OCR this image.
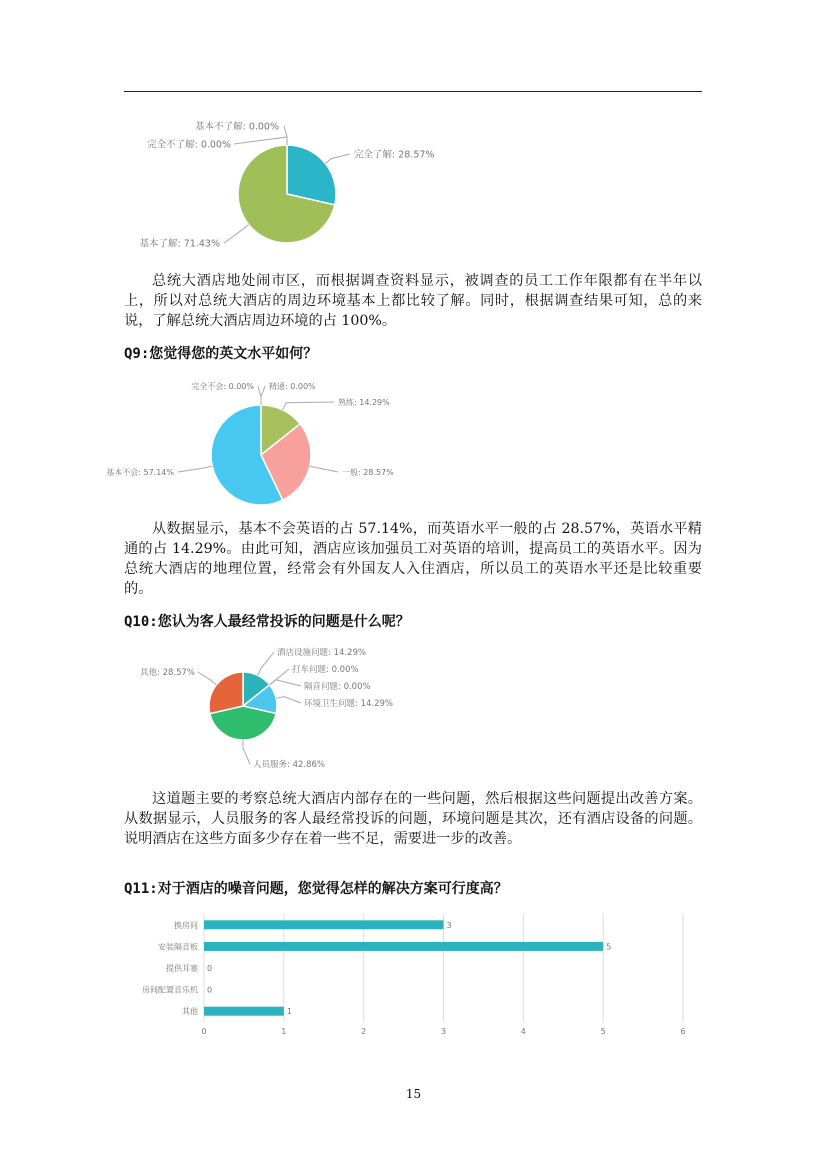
完全了解: 28.57%
基本了解: 71.43%
完全不了解: 0.00%
基本不了解: 0.00%

总统大酒店地处闹市区，而根据调查资料显示，被调查的员工工作年限都有在半年以上，所以对总统大酒店的周边环境基本上都比较了解。同时，根据调查结果可知，总的来说，了解总统大酒店周边环境的占 100%。

Q9:您觉得您的英文水平如何？

精通: 0.00%
熟练: 14.29%
一般: 28.57%
基本不会: 57.14%
完全不会: 0.00%

从数据显示，基本不会英语的占 57.14%，而英语水平一般的占 28.57%，英语水平精通的占 14.29%。由此可知，酒店应该加强员工对英语的培训，提高员工的英语水平。因为总统大酒店的地理位置，经常会有外国友人入住酒店，所以员工的英语水平还是比较重要的。

Q10:您认为客人最经常投诉的问题是什么呢？

酒店设施问题: 14.29%
打车问题: 0.00%
隔音问题: 0.00%
环境卫生问题: 14.29%
人员服务: 42.86%
其他: 28.57%

这道题主要的考察总统大酒店内部存在的一些问题，然后根据这些问题提出改善方案。从数据显示，人员服务的客人最经常投诉的问题，环境问题是其次，还有酒店设备的问题。说明酒店在这些方面多少存在着一些不足，需要进一步的改善。

Q11:对于酒店的噪音问题，您觉得怎样的解决方案可行度高？

0	1	2	3	4	5	6
换房间	3
安装隔音板	5
提供耳塞 0
房间配置音乐机 0
其他	1
15
